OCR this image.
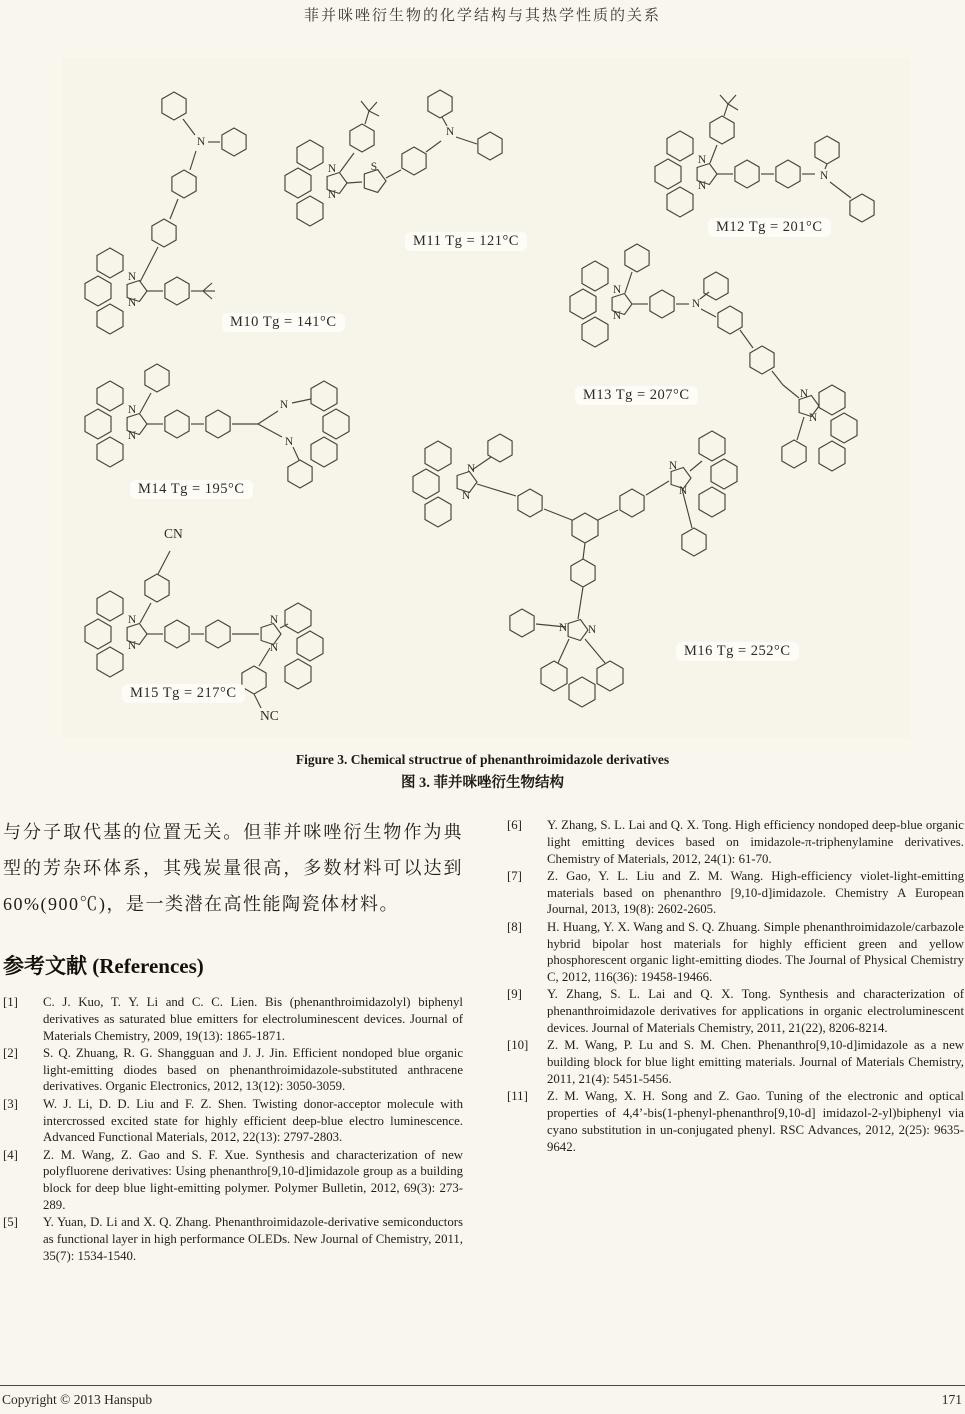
菲并咪唑衍生物的化学结构与其热学性质的关系
N
N
N
N
N
N
S
N
N
N
N
N
N
N
N
N
N
N
N
N
N
N
N
N
N
N
N
N N
M10 Tg = 141°C
M11 Tg = 121°C
M12 Tg = 201°C
M13 Tg = 207°C
M14 Tg = 195°C
M15 Tg = 217°C
M16 Tg = 252°C
CN
NC
Figure 3. Chemical structrue of phenanthroimidazole derivatives
图 3. 菲并咪唑衍生物结构
与分子取代基的位置无关。但菲并咪唑衍生物作为典型的芳杂环体系，其残炭量很高，多数材料可以达到60%(900℃)，是一类潜在高性能陶瓷体材料。
参考文献 (References)
[1]	C. J. Kuo, T. Y. Li and C. C. Lien. Bis (phenanthroimidazolyl) biphenyl derivatives as saturated blue emitters for electroluminescent devices. Journal of Materials Chemistry, 2009, 19(13): 1865-1871.
[2]	S. Q. Zhuang, R. G. Shangguan and J. J. Jin. Efficient nondoped blue organic light-emitting diodes based on phenanthroimidazole-substituted anthracene derivatives. Organic Electronics, 2012, 13(12): 3050-3059.
[3]	W. J. Li, D. D. Liu and F. Z. Shen. Twisting donor-acceptor molecule with intercrossed excited state for highly efficient deep-blue electro luminescence. Advanced Functional Materials, 2012, 22(13): 2797-2803.
[4]	Z. M. Wang, Z. Gao and S. F. Xue. Synthesis and characterization of new polyfluorene derivatives: Using phenanthro[9,10-d]imidazole group as a building block for deep blue light-emitting polymer. Polymer Bulletin, 2012, 69(3): 273-289.
[5]	Y. Yuan, D. Li and X. Q. Zhang. Phenanthroimidazole-derivative semiconductors as functional layer in high performance OLEDs. New Journal of Chemistry, 2011, 35(7): 1534-1540.
[6]	Y. Zhang, S. L. Lai and Q. X. Tong. High efficiency nondoped deep-blue organic light emitting devices based on imidazole-π-triphenylamine derivatives. Chemistry of Materials, 2012, 24(1): 61-70.
[7]	Z. Gao, Y. L. Liu and Z. M. Wang. High-efficiency violet-light-emitting materials based on phenanthro [9,10-d]imidazole. Chemistry A European Journal, 2013, 19(8): 2602-2605.
[8]	H. Huang, Y. X. Wang and S. Q. Zhuang. Simple phenanthroimidazole/carbazole hybrid bipolar host materials for highly efficient green and yellow phosphorescent organic light-emitting diodes. The Journal of Physical Chemistry C, 2012, 116(36): 19458-19466.
[9]	Y. Zhang, S. L. Lai and Q. X. Tong. Synthesis and characterization of phenanthroimidazole derivatives for applications in organic electroluminescent devices. Journal of Materials Chemistry, 2011, 21(22), 8206-8214.
[10]	Z. M. Wang, P. Lu and S. M. Chen. Phenanthro[9,10-d]imidazole as a new building block for blue light emitting materials. Journal of Materials Chemistry, 2011, 21(4): 5451-5456.
[11]	Z. M. Wang, X. H. Song and Z. Gao. Tuning of the electronic and optical properties of 4,4’-bis(1-phenyl-phenanthro[9,10-d] imidazol-2-yl)biphenyl via cyano substitution in un-conjugated phenyl. RSC Advances, 2012, 2(25): 9635-9642.
Copyright © 2013 Hanspub	171
